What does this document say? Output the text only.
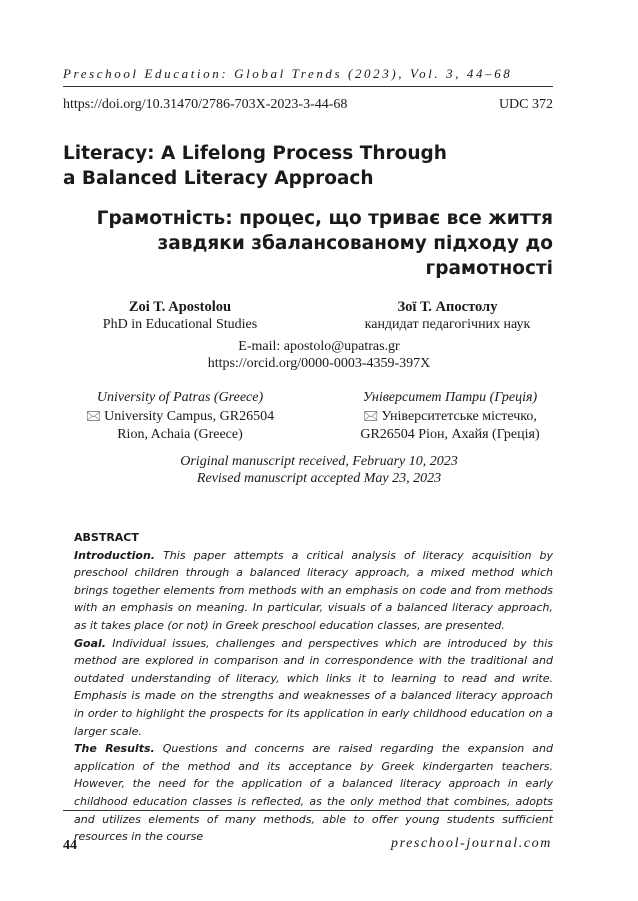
Preschool Education: Global Trends (2023), Vol. 3, 44–68
https://doi.org/10.31470/2786-703X-2023-3-44-68	UDC 372
Literacy: A Lifelong Process Through
a Balanced Literacy Approach
Грамотність: процес, що триває все життя
завдяки збалансованому підходу до грамотності
Zoi T. Apostolou
PhD in Educational Studies
Зої Т. Апостолу
кандидат педагогічних наук
E-mail: apostolo@upatras.gr
https://orcid.org/0000-0003-4359-397X
University of Patras (Greece)
🖂 University Campus, GR26504
Rion, Achaia (Greece)
Університет Патри (Греція)
🖂 Університетське містечко,
GR26504 Ріон, Ахайя (Греція)
Original manuscript received, February 10, 2023
Revised manuscript accepted May 23, 2023

ABSTRACT

Introduction. This paper attempts a critical analysis of literacy acquisition by preschool children through a balanced literacy approach, a mixed method which brings together elements from methods with an emphasis on code and from methods with an emphasis on meaning. In particular, visuals of a balanced literacy approach, as it takes place (or not) in Greek preschool education classes, are presented.

Goal. Individual issues, challenges and perspectives which are introduced by this method are explored in comparison and in correspondence with the traditional and outdated understanding of literacy, which links it to learning to read and write. Emphasis is made on the strengths and weaknesses of a balanced literacy approach in order to highlight the prospects for its application in early childhood education on a larger scale.

The Results. Questions and concerns are raised regarding the expansion and application of the method and its acceptance by Greek kindergarten teachers. However, the need for the application of a balanced literacy approach in early childhood education classes is reflected, as the only method that combines, adopts and utilizes elements of many methods, able to offer young students sufficient resources in the course

44	preschool-journal.com
